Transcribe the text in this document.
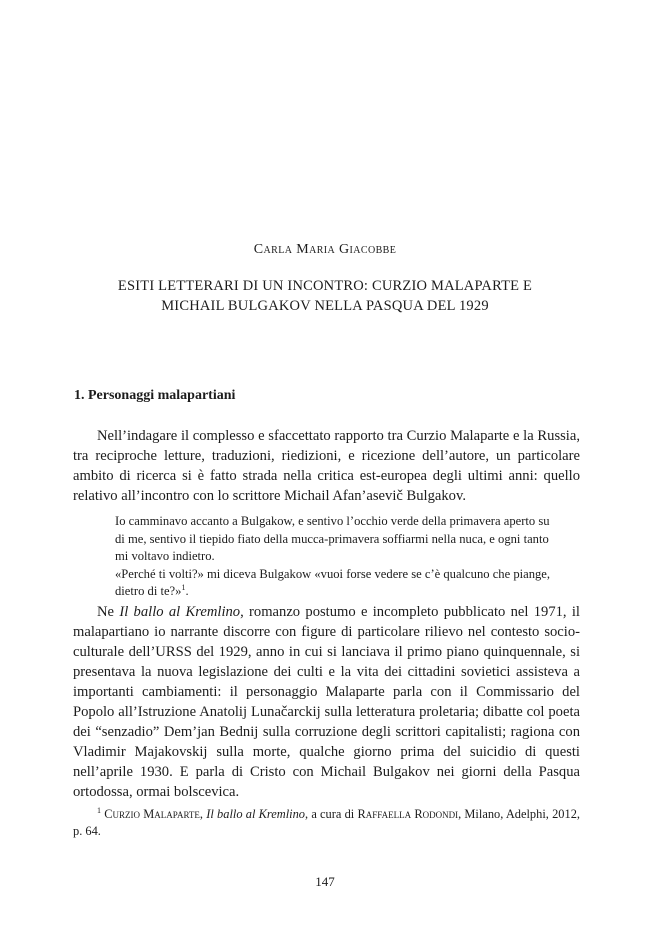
Carla Maria Giacobbe
ESITI LETTERARI DI UN INCONTRO: CURZIO MALAPARTE E
MICHAIL BULGAKOV NELLA PASQUA DEL 1929
1. Personaggi malapartiani

Nell’indagare il complesso e sfaccettato rapporto tra Curzio Malaparte e la Russia, tra reciproche letture, traduzioni, riedizioni, e ricezione dell’autore, un particolare ambito di ricerca si è fatto strada nella critica est-europea degli ultimi anni: quello relativo all’incontro con lo scrittore Michail Afan’asevič Bulgakov.

Io camminavo accanto a Bulgakow, e sentivo l’occhio verde della primavera aperto su di me, sentivo il tiepido fiato della mucca-primavera soffiarmi nella nuca, e ogni tanto mi voltavo indietro.

«Perché ti volti?» mi diceva Bulgakow «vuoi forse vedere se c’è qualcuno che piange, dietro di te?»$^1$.

Ne Il ballo al Kremlino, romanzo postumo e incompleto pubblicato nel 1971, il malapartiano io narrante discorre con figure di particolare rilievo nel contesto socio-culturale dell’URSS del 1929, anno in cui si lanciava il primo piano quinquennale, si presentava la nuova legislazione dei culti e la vita dei cittadini sovietici assisteva a importanti cambiamenti: il personaggio Malaparte parla con il Commissario del Popolo all’Istruzione Anatolij Lunačarckij sulla letteratura proletaria; dibatte col poeta dei “senzadio” Dem’jan Bednij sulla corruzione degli scrittori capitalisti; ragiona con Vladimir Majakovskij sulla morte, qualche giorno prima del suicidio di questi nell’aprile 1930. E parla di Cristo con Michail Bulgakov nei giorni della Pasqua ortodossa, ormai bolscevica.

$^1$ Curzio Malaparte, Il ballo al Kremlino, a cura di Raffaella Rodondi, Milano, Adelphi, 2012, p. 64.

147
